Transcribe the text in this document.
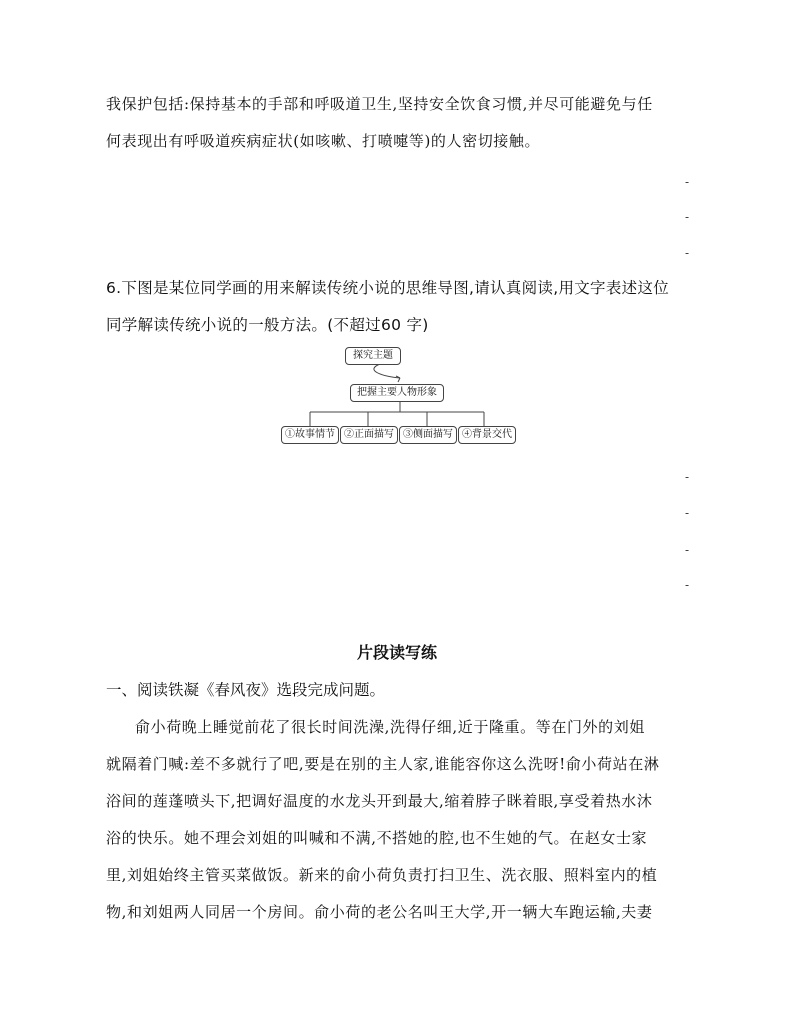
我保护包括:保持基本的手部和呼吸道卫生,坚持安全饮食习惯,并尽可能避免与任
何表现出有呼吸道疾病症状(如咳嗽、打喷嚏等)的人密切接触。
-
-
-
6.下图是某位同学画的用来解读传统小说的思维导图,请认真阅读,用文字表述这位
同学解读传统小说的一般方法。(不超过60 字)
探究主题
把握主要人物形象
①故事情节 ②正面描写 ③侧面描写 ④背景交代
-
-
-
-
片段读写练
一、阅读铁凝《春风夜》选段完成问题。
俞小荷晚上睡觉前花了很长时间洗澡,洗得仔细,近于隆重。等在门外的刘姐
就隔着门喊:差不多就行了吧,要是在别的主人家,谁能容你这么洗呀!俞小荷站在淋
浴间的莲蓬喷头下,把调好温度的水龙头开到最大,缩着脖子眯着眼,享受着热水沐
浴的快乐。她不理会刘姐的叫喊和不满,不搭她的腔,也不生她的气。在赵女士家
里,刘姐始终主管买菜做饭。新来的俞小荷负责打扫卫生、洗衣服、照料室内的植
物,和刘姐两人同居一个房间。俞小荷的老公名叫王大学,开一辆大车跑运输,夫妻
